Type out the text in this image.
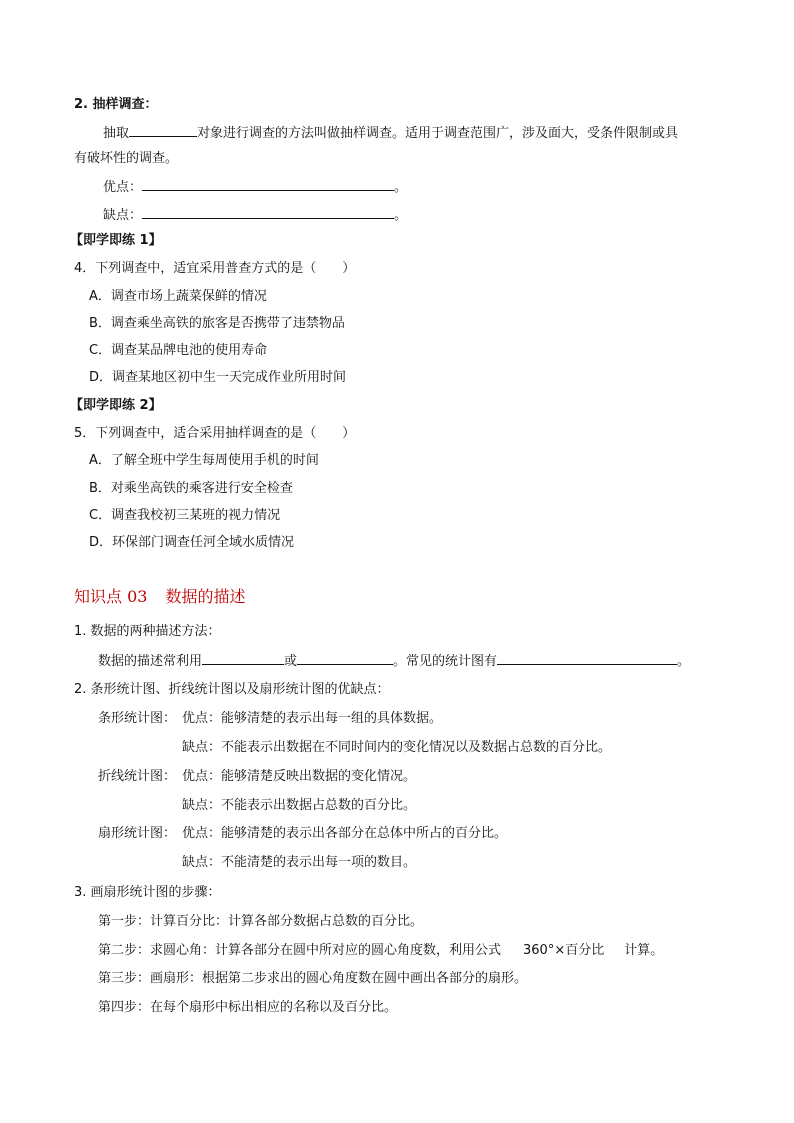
2. 抽样调查：
抽取	对象进行调查的方法叫做抽样调查。适用于调查范围广，涉及面大，受条件限制或具
有破坏性的调查。
优点：	。
缺点：	。
【即学即练 1】
4．下列调查中，适宜采用普查方式的是（　　）
A．调查市场上蔬菜保鲜的情况
B．调查乘坐高铁的旅客是否携带了违禁物品
C．调查某品牌电池的使用寿命
D．调查某地区初中生一天完成作业所用时间
【即学即练 2】
5．下列调查中，适合采用抽样调查的是（　　）
A．了解全班中学生每周使用手机的时间
B．对乘坐高铁的乘客进行安全检查
C．调查我校初三某班的视力情况
D．环保部门调查任河全域水质情况
知识点 03 数据的描述
1. 数据的两种描述方法：
数据的描述常利用	或	。常见的统计图有	。
2. 条形统计图、折线统计图以及扇形统计图的优缺点：
条形统计图： 优点：能够清楚的表示出每一组的具体数据。
缺点：不能表示出数据在不同时间内的变化情况以及数据占总数的百分比。
折线统计图： 优点：能够清楚反映出数据的变化情况。
缺点：不能表示出数据占总数的百分比。
扇形统计图： 优点：能够清楚的表示出各部分在总体中所占的百分比。
缺点：不能清楚的表示出每一项的数目。
3. 画扇形统计图的步骤：
第一步：计算百分比：计算各部分数据占总数的百分比。
第二步：求圆心角：计算各部分在圆中所对应的圆心角度数，利用公式 360°×百分比 计算。
第三步：画扇形：根据第二步求出的圆心角度数在圆中画出各部分的扇形。
第四步：在每个扇形中标出相应的名称以及百分比。
